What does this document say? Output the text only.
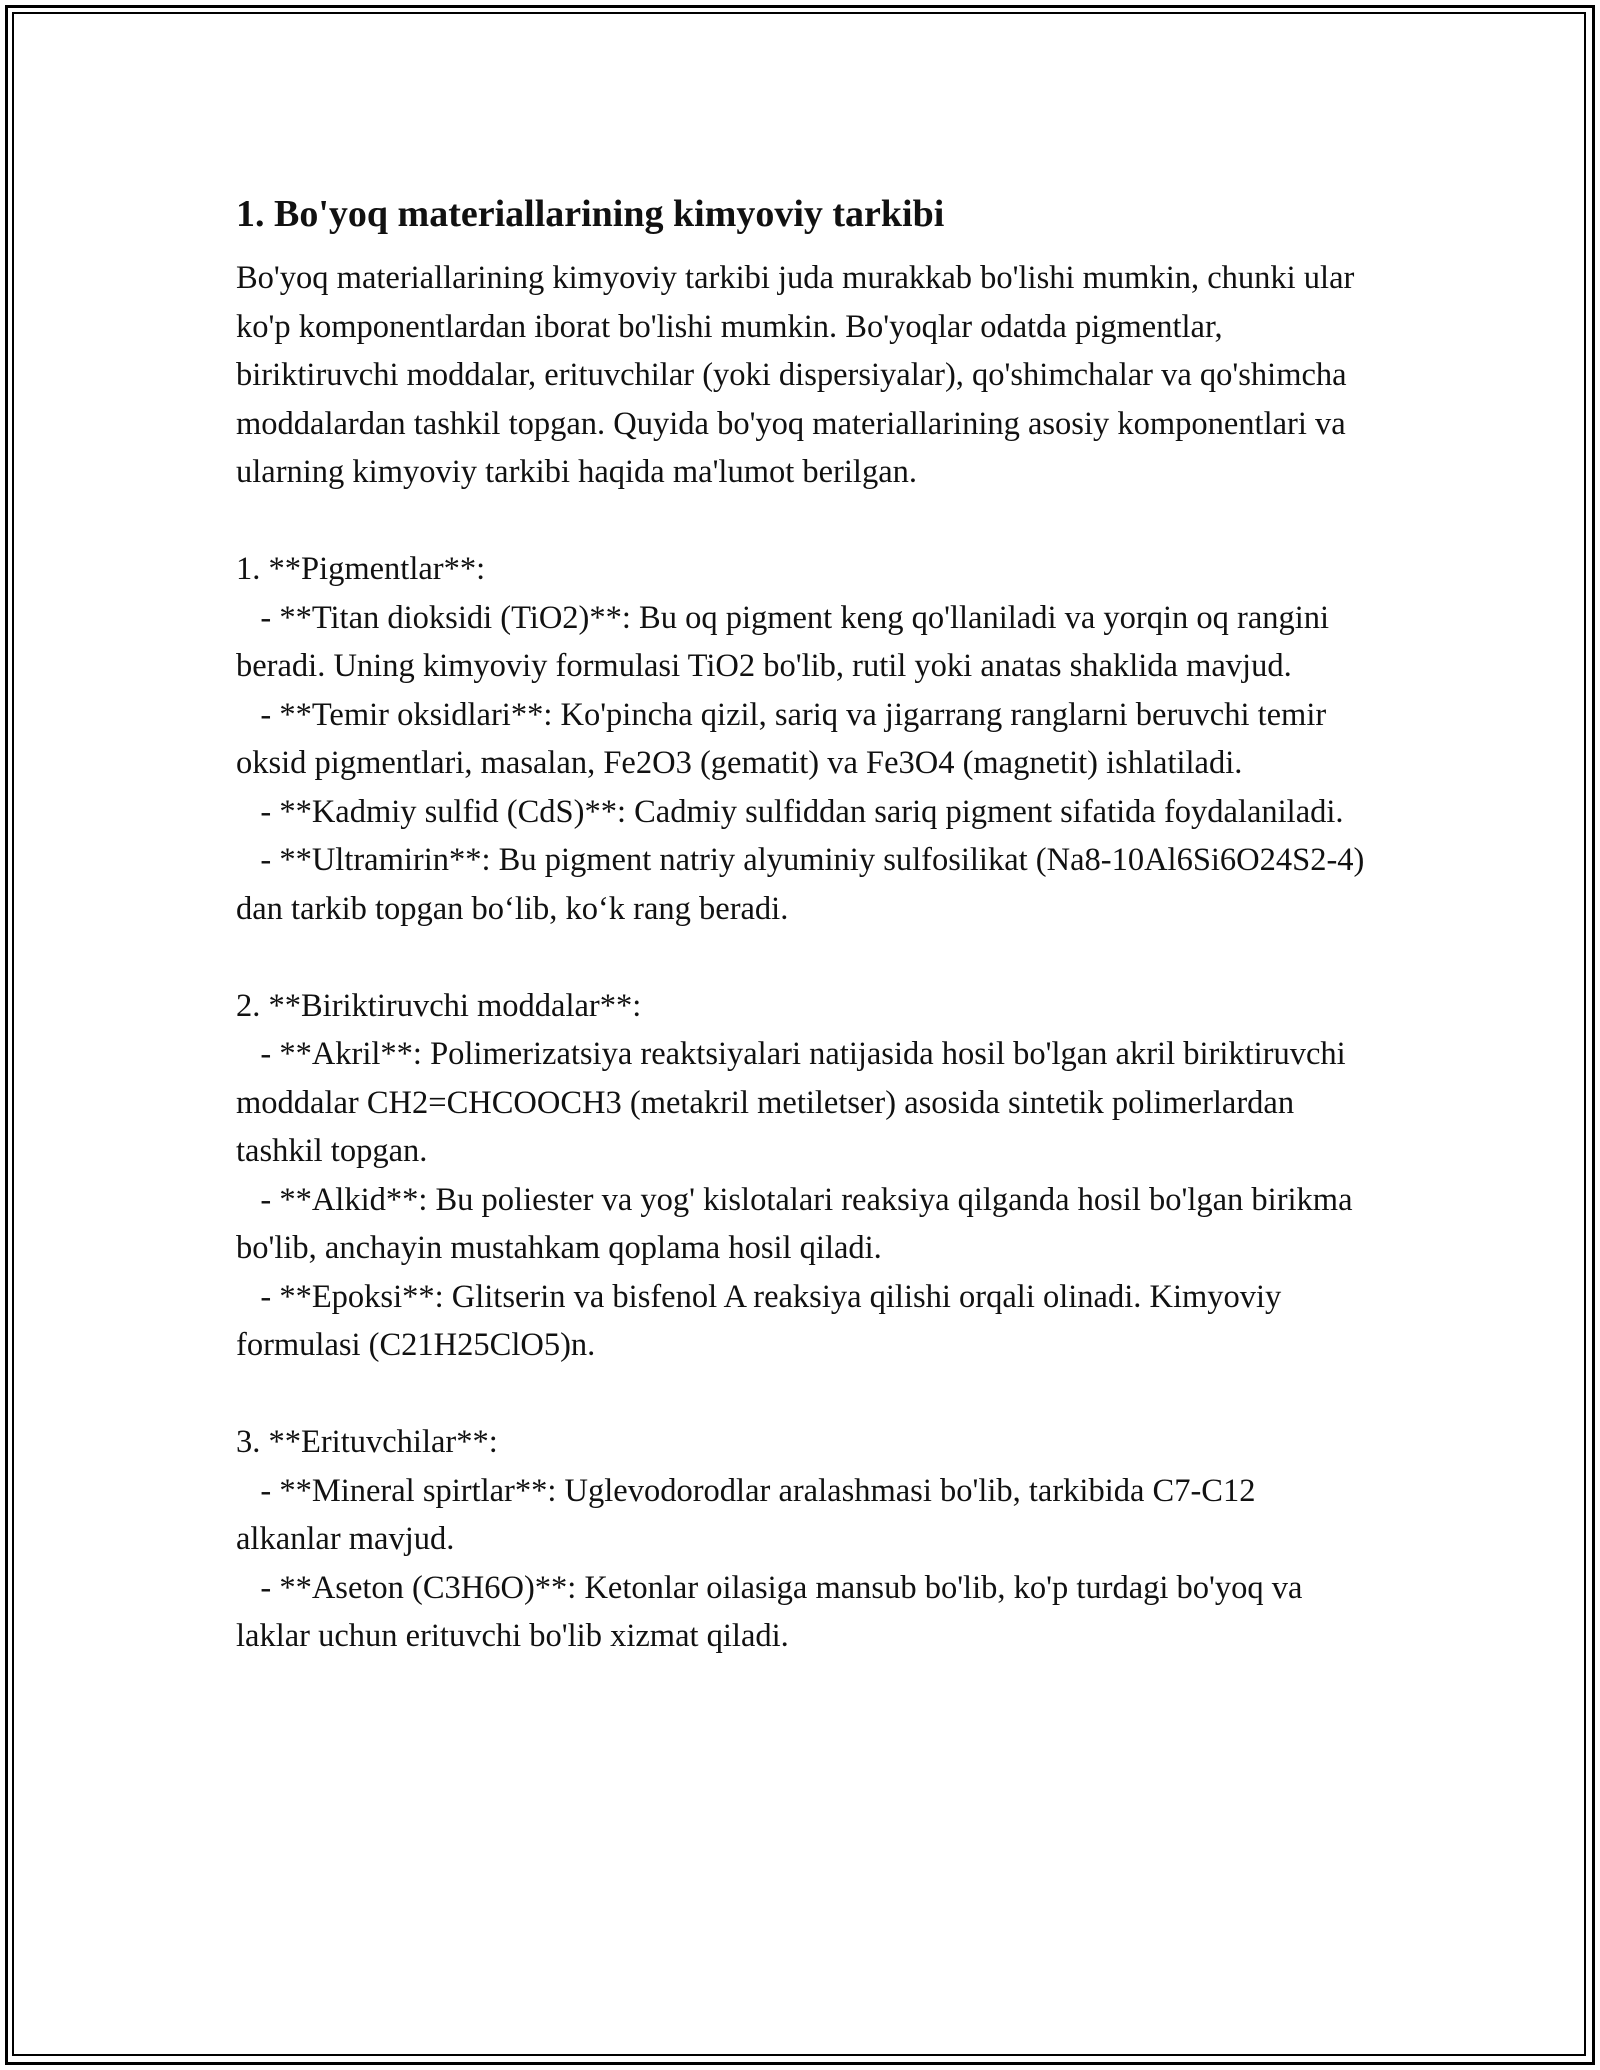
1. Bo'yoq materiallarining kimyoviy tarkibi

Bo'yoq materiallarining kimyoviy tarkibi juda murakkab bo'lishi mumkin, chunki ular ko'p komponentlardan iborat bo'lishi mumkin. Bo'yoqlar odatda pigmentlar, biriktiruvchi moddalar, erituvchilar (yoki dispersiyalar), qo'shimchalar va qo'shimcha moddalardan tashkil topgan. Quyida bo'yoq materiallarining asosiy komponentlari va ularning kimyoviy tarkibi haqida ma'lumot berilgan.

1. **Pigmentlar**:

- **Titan dioksidi (TiO2)**: Bu oq pigment keng qo'llaniladi va yorqin oq rangini beradi. Uning kimyoviy formulasi TiO2 bo'lib, rutil yoki anatas shaklida mavjud.

- **Temir oksidlari**: Ko'pincha qizil, sariq va jigarrang ranglarni beruvchi temir oksid pigmentlari, masalan, Fe2O3 (gematit) va Fe3O4 (magnetit) ishlatiladi.

- **Kadmiy sulfid (CdS)**: Cadmiy sulfiddan sariq pigment sifatida foydalaniladi.

- **Ultramirin**: Bu pigment natriy alyuminiy sulfosilikat (Na8-10Al6Si6O24S2-4) dan tarkib topgan bo‘lib, ko‘k rang beradi.

2. **Biriktiruvchi moddalar**:

- **Akril**: Polimerizatsiya reaktsiyalari natijasida hosil bo'lgan akril biriktiruvchi moddalar CH2=CHCOOCH3 (metakril metiletser) asosida sintetik polimerlardan tashkil topgan.

- **Alkid**: Bu poliester va yog' kislotalari reaksiya qilganda hosil bo'lgan birikma bo'lib, anchayin mustahkam qoplama hosil qiladi.

- **Epoksi**: Glitserin va bisfenol A reaksiya qilishi orqali olinadi. Kimyoviy formulasi (C21H25ClO5)n.

3. **Erituvchilar**:

- **Mineral spirtlar**: Uglevodorodlar aralashmasi bo'lib, tarkibida C7-C12 alkanlar mavjud.

- **Aseton (C3H6O)**: Ketonlar oilasiga mansub bo'lib, ko'p turdagi bo'yoq va laklar uchun erituvchi bo'lib xizmat qiladi.
